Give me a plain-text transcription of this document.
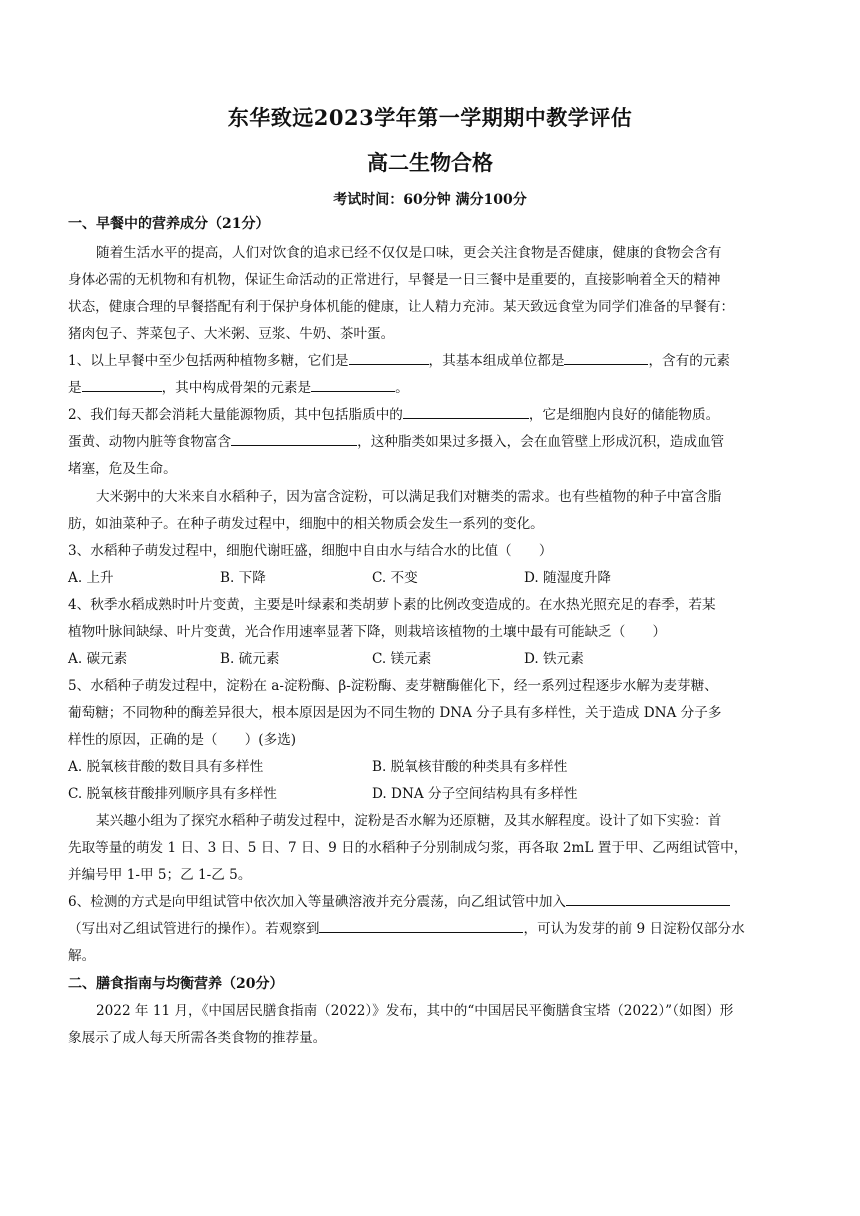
东华致远2023学年第一学期期中教学评估
高二生物合格
考试时间：60分钟 满分100分
一、早餐中的营养成分（21分）
随着生活水平的提高，人们对饮食的追求已经不仅仅是口味，更会关注食物是否健康，健康的食物会含有
身体必需的无机物和有机物，保证生命活动的正常进行，早餐是一日三餐中是重要的，直接影响着全天的精神
状态，健康合理的早餐搭配有利于保护身体机能的健康，让人精力充沛。某天致远食堂为同学们准备的早餐有：
猪肉包子、荠菜包子、大米粥、豆浆、牛奶、茶叶蛋。
1、以上早餐中至少包括两种植物多糖，它们是	，其基本组成单位都是	，含有的元素
是	，其中构成骨架的元素是	。
2、我们每天都会消耗大量能源物质，其中包括脂质中的	，它是细胞内良好的储能物质。
蛋黄、动物内脏等食物富含	，这种脂类如果过多摄入，会在血管壁上形成沉积，造成血管
堵塞，危及生命。
大米粥中的大米来自水稻种子，因为富含淀粉，可以满足我们对糖类的需求。也有些植物的种子中富含脂
肪，如油菜种子。在种子萌发过程中，细胞中的相关物质会发生一系列的变化。
3、水稻种子萌发过程中，细胞代谢旺盛，细胞中自由水与结合水的比值（　　）
A. 上升	B. 下降	C. 不变	D. 随湿度升降
4、秋季水稻成熟时叶片变黄，主要是叶绿素和类胡萝卜素的比例改变造成的。在水热光照充足的春季，若某
植物叶脉间缺绿、叶片变黄，光合作用速率显著下降，则栽培该植物的土壤中最有可能缺乏（　　）
A. 碳元素	B. 硫元素	C. 镁元素	D. 铁元素
5、水稻种子萌发过程中，淀粉在 a-淀粉酶、β-淀粉酶、麦芽糖酶催化下，经一系列过程逐步水解为麦芽糖、
葡萄糖；不同物种的酶差异很大，根本原因是因为不同生物的 DNA 分子具有多样性，关于造成 DNA 分子多
样性的原因，正确的是（　　）(多选)
A. 脱氧核苷酸的数目具有多样性	B. 脱氧核苷酸的种类具有多样性
C. 脱氧核苷酸排列顺序具有多样性	D. DNA 分子空间结构具有多样性
某兴趣小组为了探究水稻种子萌发过程中，淀粉是否水解为还原糖，及其水解程度。设计了如下实验：首
先取等量的萌发 1 日、3 日、5 日、7 日、9 日的水稻种子分别制成匀浆，再各取 2mL 置于甲、乙两组试管中，
并编号甲 1-甲 5；乙 1-乙 5。
6、检测的方式是向甲组试管中依次加入等量碘溶液并充分震荡，向乙组试管中加入
（写出对乙组试管进行的操作）。若观察到	，可认为发芽的前 9 日淀粉仅部分水
解。
二、膳食指南与均衡营养（20分）
2022 年 11 月，《中国居民膳食指南（2022）》发布，其中的“中国居民平衡膳食宝塔（2022）”（如图）形
象展示了成人每天所需各类食物的推荐量。
